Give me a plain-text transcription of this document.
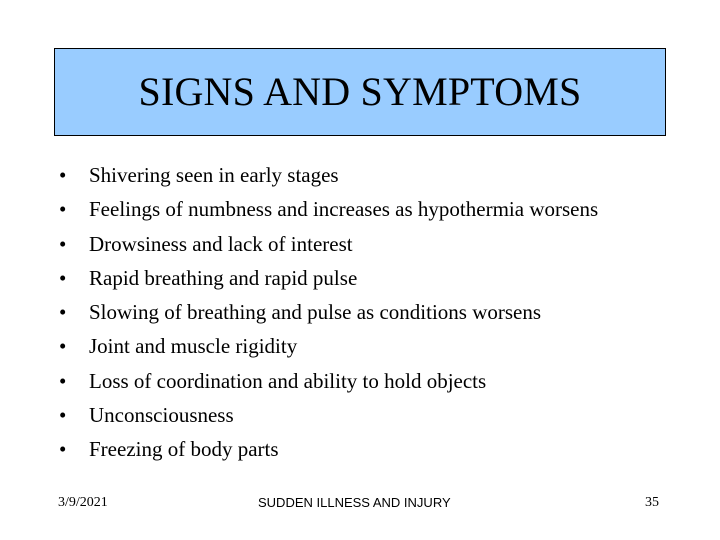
SIGNS AND SYMPTOMS
•	Shivering seen in early stages
•	Feelings of numbness and increases as hypothermia worsens
•	Drowsiness and lack of interest
•	Rapid breathing and rapid pulse
•	Slowing of breathing and pulse as conditions worsens
•	Joint and muscle rigidity
•	Loss of coordination and ability to hold objects
•	Unconsciousness
•	Freezing of body parts
3/9/2021	SUDDEN ILLNESS AND INJURY	35
